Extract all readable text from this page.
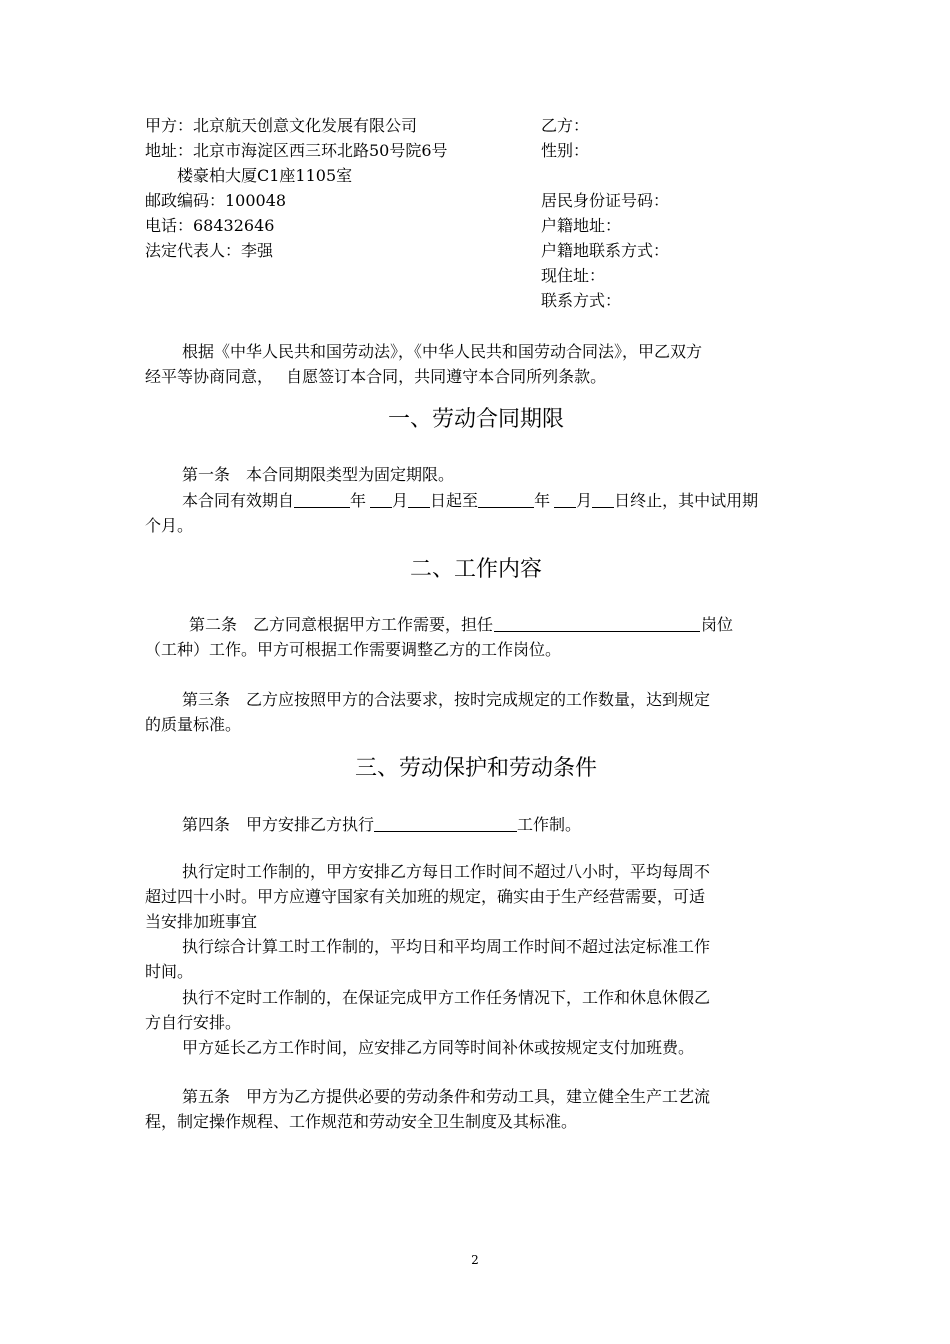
甲方：北京航天创意文化发展有限公司
地址：北京市海淀区西三环北路50号院6号
楼豪柏大厦C1座1105室
邮政编码：100048
电话：68432646
法定代表人：李强
乙方：
性别：
居民身份证号码：
户籍地址：
户籍地联系方式：
现住址：
联系方式：
根据《中华人民共和国劳动法》，《中华人民共和国劳动合同法》，甲乙双方
经平等协商同意，　 自愿签订本合同，共同遵守本合同所列条款。
一、劳动合同期限
第一条　本合同期限类型为固定期限。
本合同有效期自	年 月 日起至	年 月 日终止，其中试用期
个月。
二、工作内容
第二条　乙方同意根据甲方工作需要，担任	岗位
（工种）工作。甲方可根据工作需要调整乙方的工作岗位。
第三条　乙方应按照甲方的合法要求，按时完成规定的工作数量，达到规定
的质量标准。
三、劳动保护和劳动条件
第四条　甲方安排乙方执行	工作制。
执行定时工作制的，甲方安排乙方每日工作时间不超过八小时，平均每周不
超过四十小时。甲方应遵守国家有关加班的规定，确实由于生产经营需要，可适
当安排加班事宜
执行综合计算工时工作制的，平均日和平均周工作时间不超过法定标准工作
时间。
执行不定时工作制的，在保证完成甲方工作任务情况下，工作和休息休假乙
方自行安排。
甲方延长乙方工作时间，应安排乙方同等时间补休或按规定支付加班费。
第五条　甲方为乙方提供必要的劳动条件和劳动工具，建立健全生产工艺流
程，制定操作规程、工作规范和劳动安全卫生制度及其标准。
2
